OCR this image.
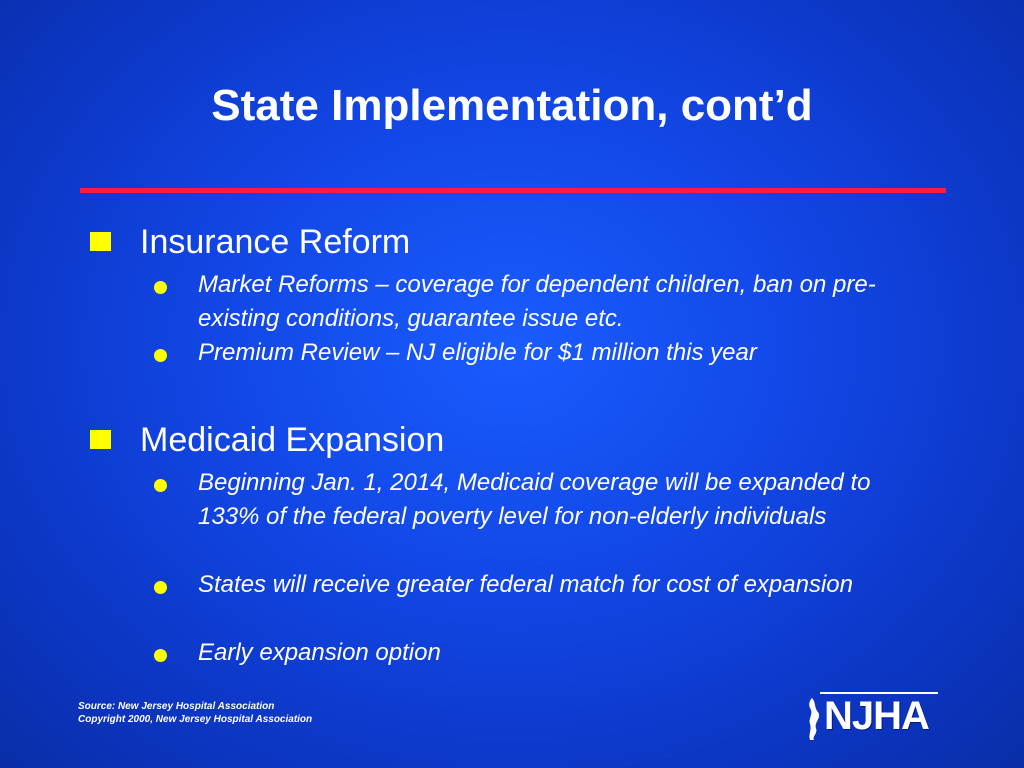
State Implementation, cont’d
Insurance Reform
Market Reforms – coverage for dependent children, ban on pre-existing conditions, guarantee issue etc.
Premium Review – NJ eligible for $1 million this year
Medicaid Expansion
Beginning Jan. 1, 2014, Medicaid coverage will be expanded to 133% of the federal poverty level for non-elderly individuals
States will receive greater federal match for cost of expansion
Early expansion option
Source: New Jersey Hospital Association
Copyright 2000, New Jersey Hospital Association	NJHA
